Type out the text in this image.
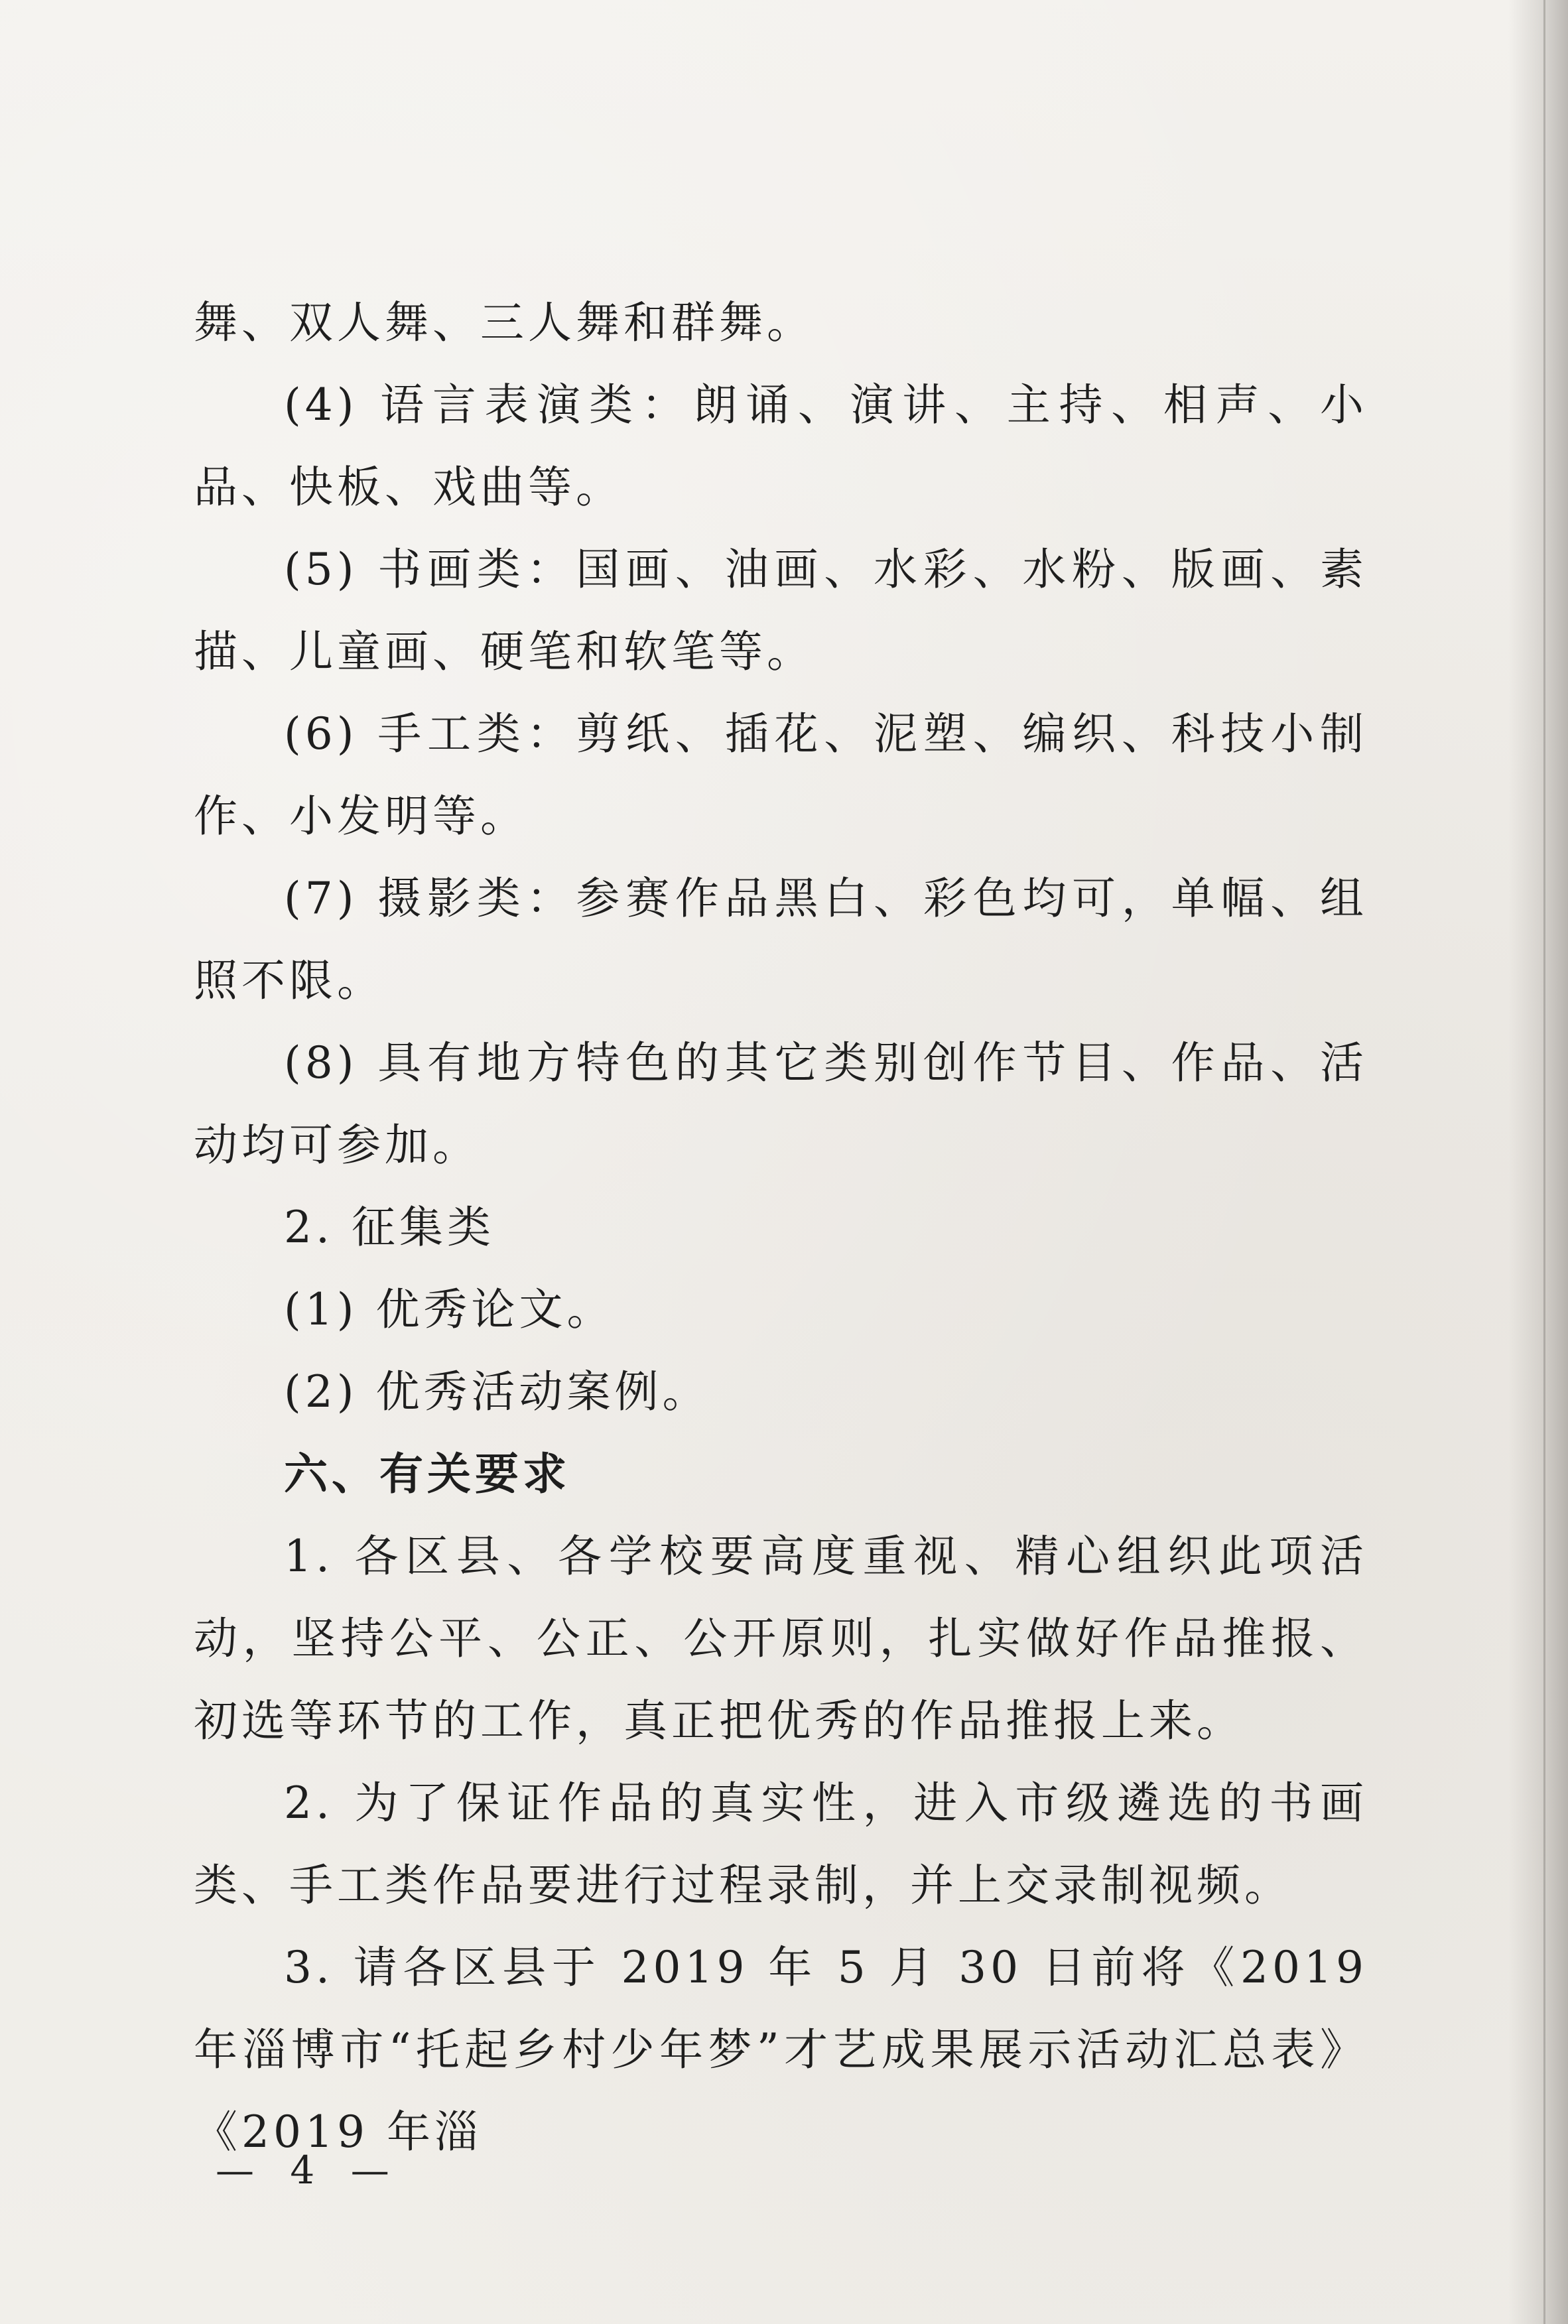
舞、双人舞、三人舞和群舞。

(4) 语言表演类：朗诵、演讲、主持、相声、小品、快板、戏曲等。

(5) 书画类：国画、油画、水彩、水粉、版画、素描、儿童画、硬笔和软笔等。

(6) 手工类：剪纸、插花、泥塑、编织、科技小制作、小发明等。

(7) 摄影类：参赛作品黑白、彩色均可，单幅、组照不限。

(8) 具有地方特色的其它类别创作节目、作品、活动均可参加。

2. 征集类

(1) 优秀论文。

(2) 优秀活动案例。

六、有关要求

1. 各区县、各学校要高度重视、精心组织此项活动，坚持公平、公正、公开原则，扎实做好作品推报、初选等环节的工作，真正把优秀的作品推报上来。

2. 为了保证作品的真实性，进入市级遴选的书画类、手工类作品要进行过程录制，并上交录制视频。

3. 请各区县于 2019 年 5 月 30 日前将《2019 年淄博市“托起乡村少年梦”才艺成果展示活动汇总表》《2019 年淄

— 4 —
